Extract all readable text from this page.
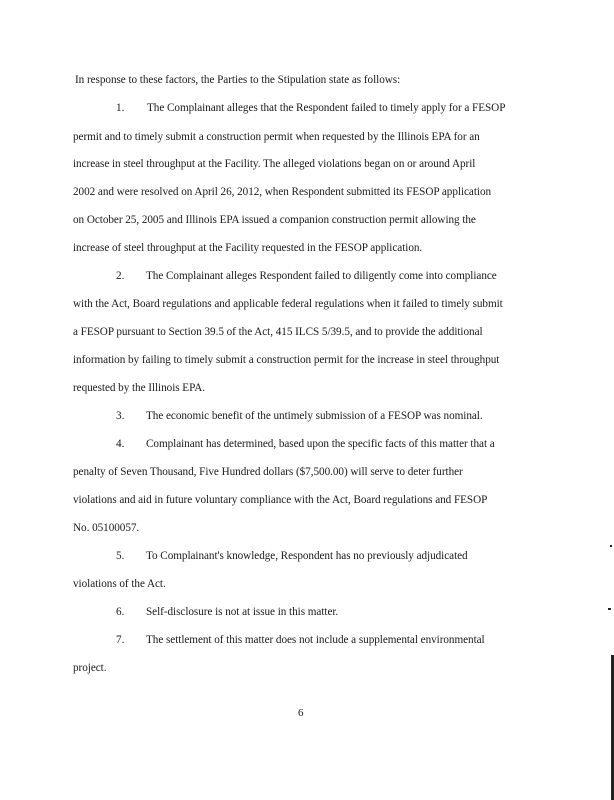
In response to these factors, the Parties to the Stipulation state as follows:
1. The Complainant alleges that the Respondent failed to timely apply for a FESOP
permit and to timely submit a construction permit when requested by the Illinois EPA for an
increase in steel throughput at the Facility. The alleged violations began on or around April
2002 and were resolved on April 26, 2012, when Respondent submitted its FESOP application
on October 25, 2005 and Illinois EPA issued a companion construction permit allowing the
increase of steel throughput at the Facility requested in the FESOP application.
2. The Complainant alleges Respondent failed to diligently come into compliance
with the Act, Board regulations and applicable federal regulations when it failed to timely submit
a FESOP pursuant to Section 39.5 of the Act, 415 ILCS 5/39.5, and to provide the additional
information by failing to timely submit a construction permit for the increase in steel throughput
requested by the Illinois EPA.
3. The economic benefit of the untimely submission of a FESOP was nominal.
4. Complainant has determined, based upon the specific facts of this matter that a
penalty of Seven Thousand, Five Hundred dollars ($7,500.00) will serve to deter further
violations and aid in future voluntary compliance with the Act, Board regulations and FESOP
No. 05100057.
5. To Complainant's knowledge, Respondent has no previously adjudicated
violations of the Act.
6. Self-disclosure is not at issue in this matter.
7. The settlement of this matter does not include a supplemental environmental
project.
6
